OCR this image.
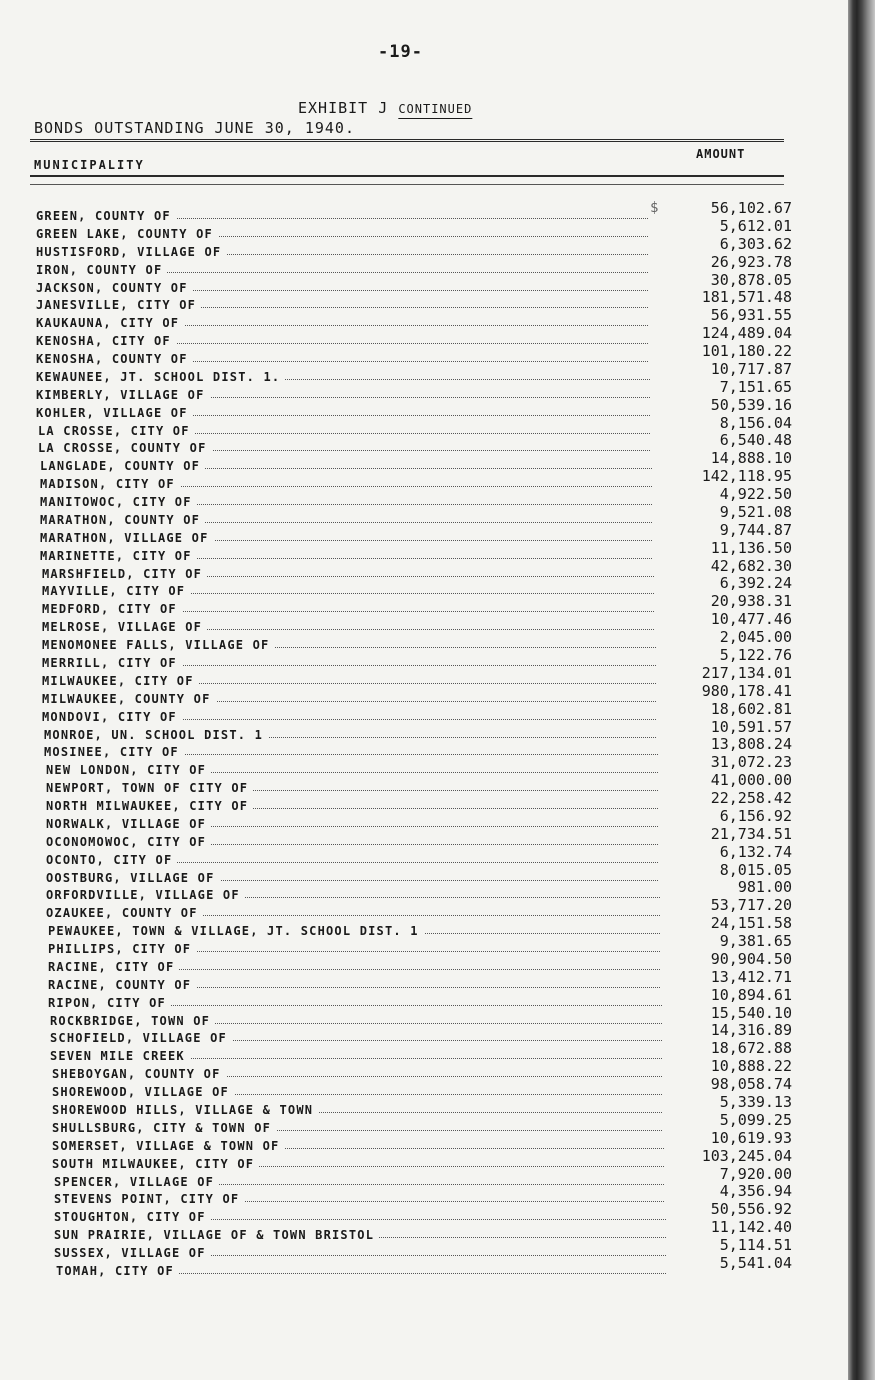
-19-
EXHIBIT J CONTINUED
BONDS OUTSTANDING JUNE 30, 1940.
MUNICIPALITY
AMOUNT
$
GREEN, COUNTY OF	56,102.67
GREEN LAKE, COUNTY OF	5,612.01
HUSTISFORD, VILLAGE OF	6,303.62
IRON, COUNTY OF	26,923.78
JACKSON, COUNTY OF	30,878.05
JANESVILLE, CITY OF	181,571.48
KAUKAUNA, CITY OF	56,931.55
KENOSHA, CITY OF	124,489.04
KENOSHA, COUNTY OF	101,180.22
KEWAUNEE, JT. SCHOOL DIST. 1.	10,717.87
KIMBERLY, VILLAGE OF	7,151.65
KOHLER, VILLAGE OF	50,539.16
LA CROSSE, CITY OF	8,156.04
LA CROSSE, COUNTY OF	6,540.48
LANGLADE, COUNTY OF	14,888.10
MADISON, CITY OF	142,118.95
MANITOWOC, CITY OF	4,922.50
MARATHON, COUNTY OF	9,521.08
MARATHON, VILLAGE OF	9,744.87
MARINETTE, CITY OF	11,136.50
MARSHFIELD, CITY OF	42,682.30
MAYVILLE, CITY OF	6,392.24
MEDFORD, CITY OF	20,938.31
MELROSE, VILLAGE OF	10,477.46
MENOMONEE FALLS, VILLAGE OF	2,045.00
MERRILL, CITY OF	5,122.76
MILWAUKEE, CITY OF	217,134.01
MILWAUKEE, COUNTY OF	980,178.41
MONDOVI, CITY OF	18,602.81
MONROE, UN. SCHOOL DIST. 1	10,591.57
MOSINEE, CITY OF	13,808.24
NEW LONDON, CITY OF	31,072.23
NEWPORT, TOWN OF CITY OF	41,000.00
NORTH MILWAUKEE, CITY OF	22,258.42
NORWALK, VILLAGE OF	6,156.92
OCONOMOWOC, CITY OF	21,734.51
OCONTO, CITY OF	6,132.74
OOSTBURG, VILLAGE OF	8,015.05
ORFORDVILLE, VILLAGE OF	981.00
OZAUKEE, COUNTY OF	53,717.20
PEWAUKEE, TOWN & VILLAGE, JT. SCHOOL DIST. 1	24,151.58
PHILLIPS, CITY OF	9,381.65
RACINE, CITY OF	90,904.50
RACINE, COUNTY OF	13,412.71
RIPON, CITY OF	10,894.61
ROCKBRIDGE, TOWN OF	15,540.10
SCHOFIELD, VILLAGE OF	14,316.89
SEVEN MILE CREEK	18,672.88
SHEBOYGAN, COUNTY OF	10,888.22
SHOREWOOD, VILLAGE OF	98,058.74
SHOREWOOD HILLS, VILLAGE & TOWN	5,339.13
SHULLSBURG, CITY & TOWN OF	5,099.25
SOMERSET, VILLAGE & TOWN OF	10,619.93
SOUTH MILWAUKEE, CITY OF	103,245.04
SPENCER, VILLAGE OF	7,920.00
STEVENS POINT, CITY OF	4,356.94
STOUGHTON, CITY OF	50,556.92
SUN PRAIRIE, VILLAGE OF & TOWN BRISTOL	11,142.40
SUSSEX, VILLAGE OF	5,114.51
TOMAH, CITY OF	5,541.04
